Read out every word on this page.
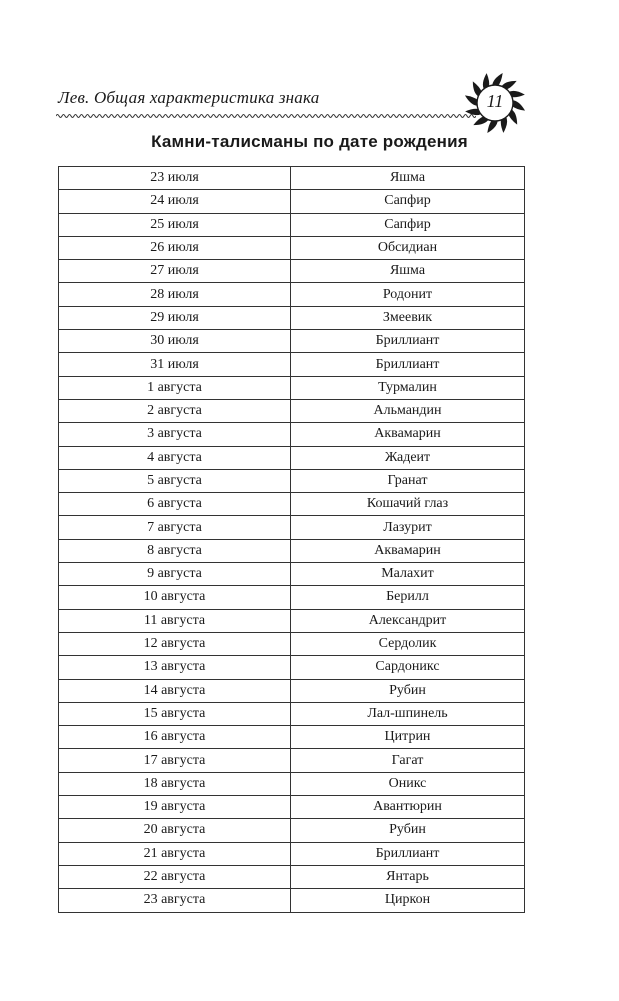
Лев. Общая характеристика знака	11
Камни-талисманы по дате рождения
23 июля	Яшма
24 июля	Сапфир
25 июля	Сапфир
26 июля	Обсидиан
27 июля	Яшма
28 июля	Родонит
29 июля	Змеевик
30 июля	Бриллиант
31 июля	Бриллиант
1 августа	Турмалин
2 августа	Альмандин
3 августа	Аквамарин
4 августа	Жадеит
5 августа	Гранат
6 августа	Кошачий глаз
7 августа	Лазурит
8 августа	Аквамарин
9 августа	Малахит
10 августа	Берилл
11 августа	Александрит
12 августа	Сердолик
13 августа	Сардоникс
14 августа	Рубин
15 августа	Лал-шпинель
16 августа	Цитрин
17 августа	Гагат
18 августа	Оникс
19 августа	Авантюрин
20 августа	Рубин
21 августа	Бриллиант
22 августа	Янтарь
23 августа	Циркон
